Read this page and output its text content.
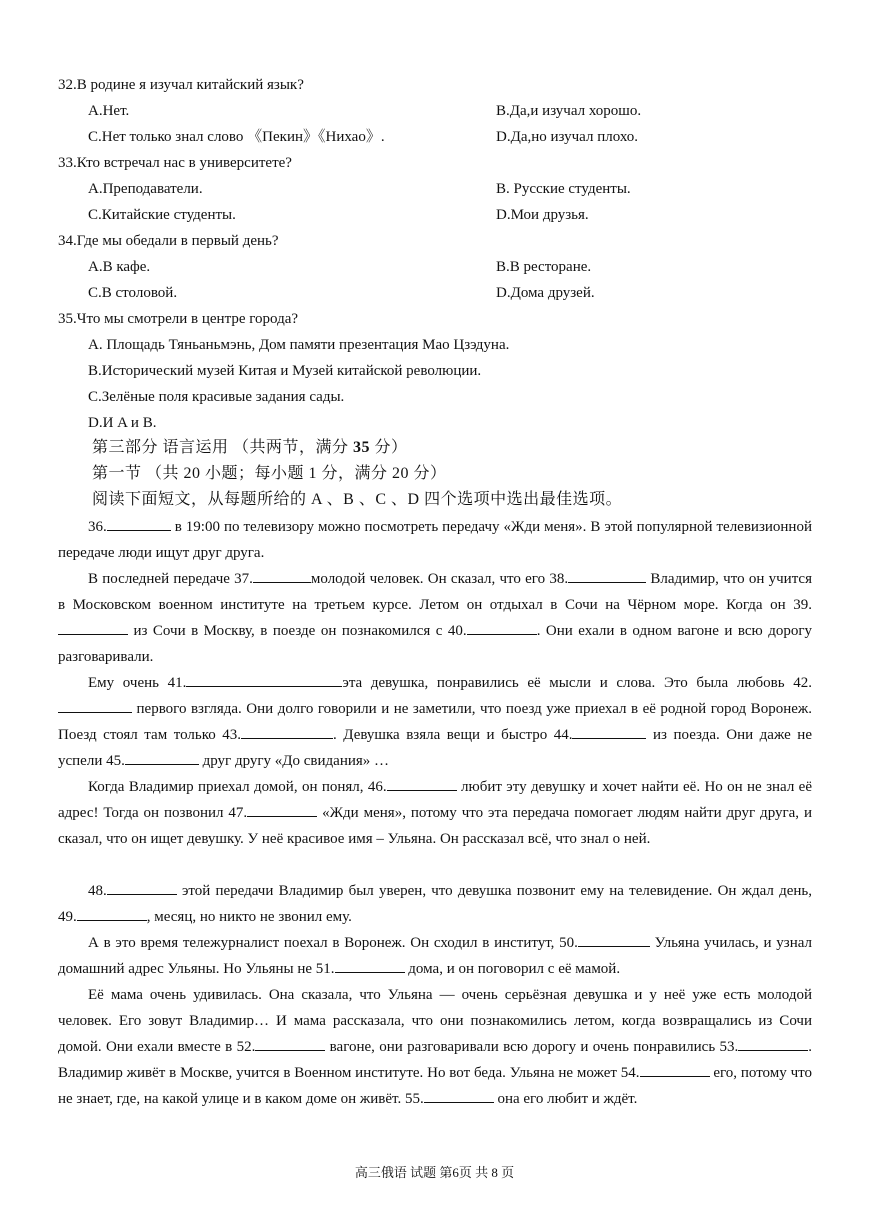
32.В родине я изучал китайский язык?
A.Нет.	B.Да,и изучал хорошо.
C.Нет только знал слово 《Пекин》《Нихао》.	D.Да,но изучал плохо.
33.Кто встречал нас в университете?
A.Преподаватели.	B. Русские студенты.
C.Китайские студенты.	D.Мои друзья.
34.Где мы обедали в первый день?
A.В кафе.	B.В ресторане.
C.В столовой.	D.Дома друзей.
35.Что мы смотрели в центре города?
A. Площадь Тяньаньмэнь, Дом памяти презентация Мао Цзэдуна.
B.Исторический музей Китая и Музей китайской революции.
C.Зелёные поля красивые задания сады.
D.И A и B.
第三部分 语言运用 （共两节，满分 35 分）
第一节 （共 20 小题；每小题 1 分，满分 20 分）
阅读下面短文，从每题所给的 A 、B 、C 、D 四个选项中选出最佳选项。
36.	в 19:00 по телевизору можно посмотреть передачу «Жди меня». В этой популярной телевизионной передаче люди ищут друг друга.
В последней передаче 37.	молодой человек. Он сказал, что его 38.	Владимир, что он учится в Московском военном институте на третьем курсе. Летом он отдыхал в Сочи на Чёрном море. Когда он 39. из Сочи в Москву, в поезде он познакомился с 40.	. Они ехали в одном вагоне и всю дорогу разговаривали.
Ему очень 41.	эта девушка, понравились её мысли и слова. Это была любовь 42. первого взгляда. Они долго говорили и не заметили, что поезд уже приехал в её родной город Воронеж. Поезд стоял там только 43.	. Девушка взяла вещи и быстро 44.	из поезда. Они даже не успели 45.	друг другу «До свидания» …
Когда Владимир приехал домой, он понял, 46.	любит эту девушку и хочет найти её. Но он не знал её адрес! Тогда он позвонил 47.	«Жди меня», потому что эта передача помогает людям найти друг друга, и сказал, что он ищет девушку. У неё красивое имя – Ульяна. Он рассказал всё, что знал о ней.
48.	этой передачи Владимир был уверен, что девушка позвонит ему на телевидение. Он ждал день, 49.	, месяц, но никто не звонил ему.
А в это время тележурналист поехал в Воронеж. Он сходил в институт, 50.	Ульяна училась, и узнал домашний адрес Ульяны. Но Ульяны не 51.	дома, и он поговорил с её мамой.
Её мама очень удивилась. Она сказала, что Ульяна — очень серьёзная девушка и у неё уже есть молодой человек. Его зовут Владимир… И мама рассказала, что они познакомились летом, когда возвращались из Сочи домой. Они ехали вместе в 52.	вагоне, они разговаривали всю дорогу и очень понравились 53.	. Владимир живёт в Москве, учится в Военном институте. Но вот беда. Ульяна не может 54.	его, потому что не знает, где, на какой улице и в каком доме он живёт. 55.	она его любит и ждёт.
高三俄语 试题 第6页 共 8 页
